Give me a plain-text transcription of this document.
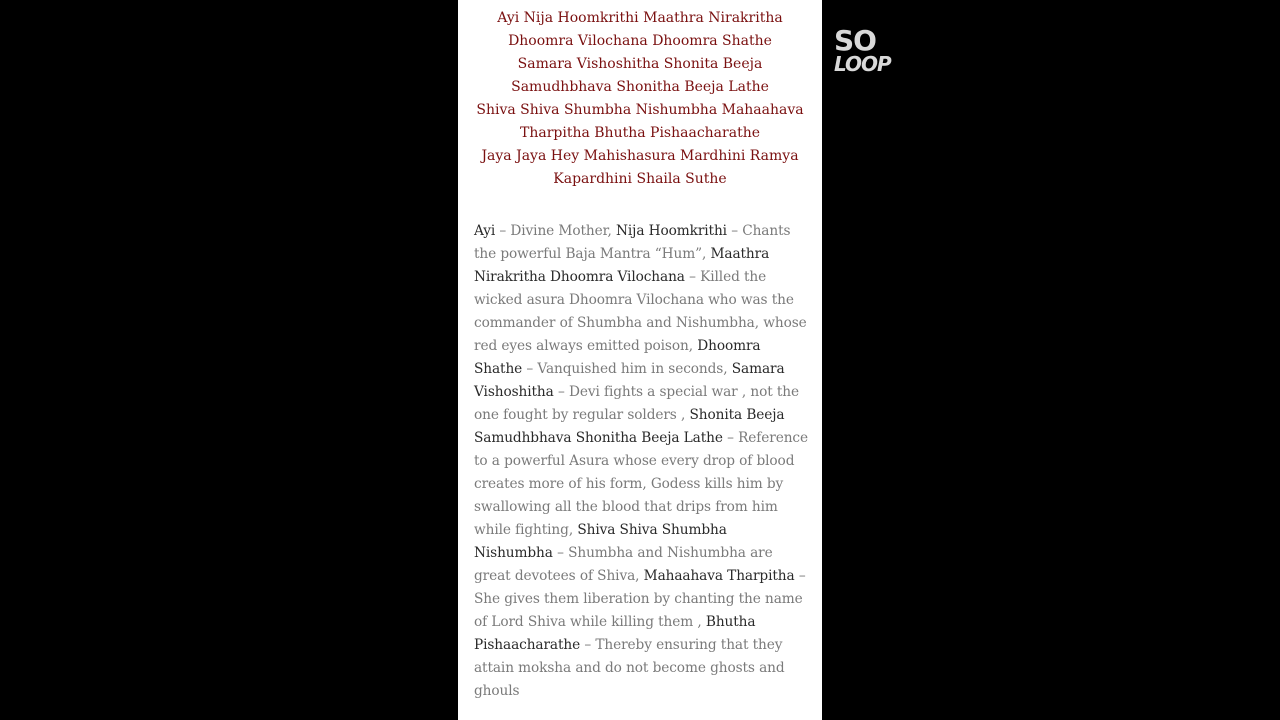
Ayi Nija Hoomkrithi Maathra Nirakritha
Dhoomra Vilochana Dhoomra Shathe
Samara Vishoshitha Shonita Beeja
Samudhbhava Shonitha Beeja Lathe
Shiva Shiva Shumbha Nishumbha Mahaahava
Tharpitha Bhutha Pishaacharathe
Jaya Jaya Hey Mahishasura Mardhini Ramya
Kapardhini Shaila Suthe

Ayi – Divine Mother, Nija Hoomkrithi – Chants the powerful Baja Mantra “Hum”, Maathra Nirakritha Dhoomra Vilochana – Killed the wicked asura Dhoomra Vilochana who was the commander of Shumbha and Nishumbha, whose red eyes always emitted poison, Dhoomra Shathe – Vanquished him in seconds, Samara Vishoshitha – Devi fights a special war , not the one fought by regular solders , Shonita Beeja Samudhbhava Shonitha Beeja Lathe – Reference to a powerful Asura whose every drop of blood creates more of his form, Godess kills him by swallowing all the blood that drips from him while fighting, Shiva Shiva Shumbha Nishumbha – Shumbha and Nishumbha are great devotees of Shiva, Mahaahava Tharpitha – She gives them liberation by chanting the name of Lord Shiva while killing them , Bhutha Pishaacharathe – Thereby ensuring that they attain moksha and do not become ghosts and ghouls

SO
LOOP
